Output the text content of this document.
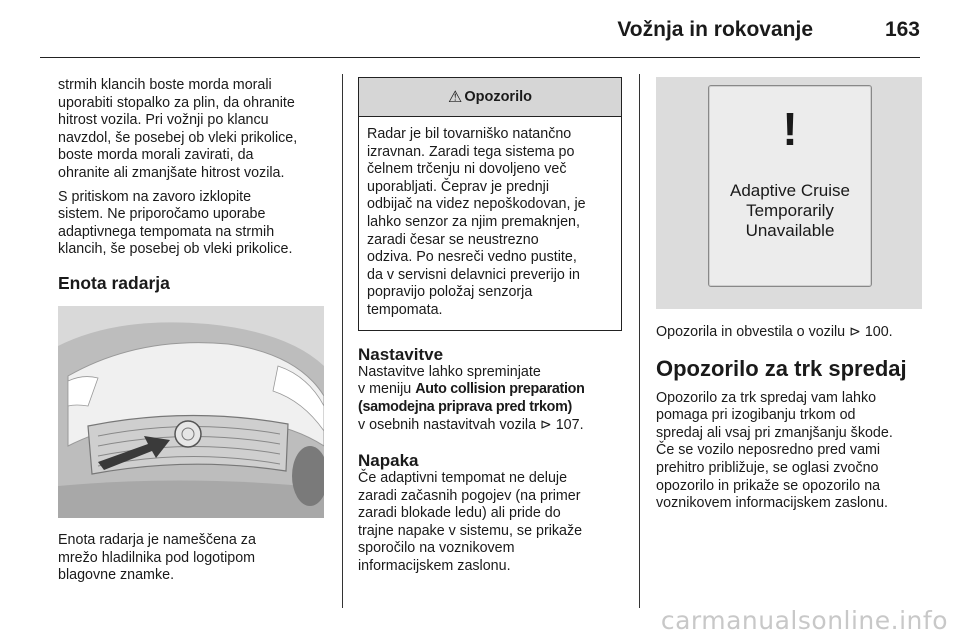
Vožnja in rokovanje	163

strmih klancih boste morda morali
uporabiti stopalko za plin, da ohranite
hitrost vozila. Pri vožnji po klancu
navzdol, še posebej ob vleki prikolice,
boste morda morali zavirati, da
ohranite ali zmanjšate hitrost vozila.

S pritiskom na zavoro izklopite
sistem. Ne priporočamo uporabe
adaptivnega tempomata na strmih
klancih, še posebej ob vleki prikolice.

Enota radarja

Enota radarja je nameščena za
mrežo hladilnika pod logotipom
blagovne znamke.

⚠ Opozorilo

Radar je bil tovarniško natančno
izravnan. Zaradi tega sistema po
čelnem trčenju ni dovoljeno več
uporabljati. Čeprav je prednji
odbijač na videz nepoškodovan, je
lahko senzor za njim premaknjen,
zaradi česar se neustrezno
odziva. Po nesreči vedno pustite,
da v servisni delavnici preverijo in
popravijo položaj senzorja
tempomata.

Nastavitve

Nastavitve lahko spreminjate

v meniju Auto collision preparation

(samodejna priprava pred trkom)

v osebnih nastavitvah vozila ⊳ 107.

Napaka

Če adaptivni tempomat ne deluje
zaradi začasnih pogojev (na primer
zaradi blokade ledu) ali pride do
trajne napake v sistemu, se prikaže
sporočilo na voznikovem
informacijskem zaslonu.

!
Adaptive Cruise
Temporarily
Unavailable

Opozorila in obvestila o vozilu ⊳ 100.

Opozorilo za trk spredaj

Opozorilo za trk spredaj vam lahko
pomaga pri izogibanju trkom od
spredaj ali vsaj pri zmanjšanju škode.
Če se vozilo neposredno pred vami
prehitro približuje, se oglasi zvočno
opozorilo in prikaže se opozorilo na
voznikovem informacijskem zaslonu.

carmanualsonline.info
